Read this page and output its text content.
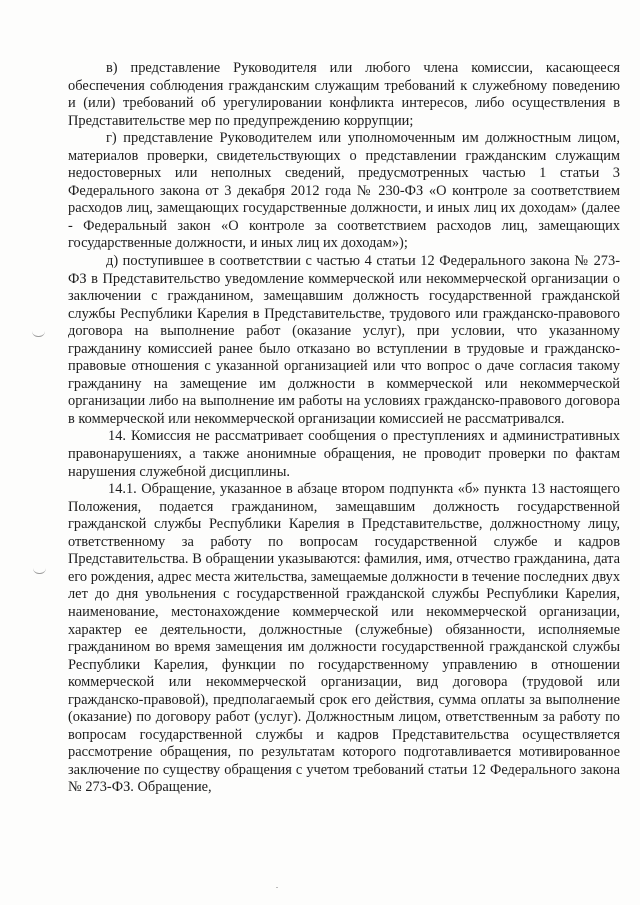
в) представление Руководителя или любого члена комиссии, касающееся обеспечения соблюдения гражданским служащим требований к служебному поведению и (или) требований об урегулировании конфликта интересов, либо осуществления в Представительстве мер по предупреждению коррупции;

г) представление Руководителем или уполномоченным им должностным лицом, материалов проверки, свидетельствующих о представлении гражданским служащим недостоверных или неполных сведений, предусмотренных частью 1 статьи 3 Федерального закона от 3 декабря 2012 года № 230-ФЗ «О контроле за соответствием расходов лиц, замещающих государственные должности, и иных лиц их доходам» (далее - Федеральный закон «О контроле за соответствием расходов лиц, замещающих государственные должности, и иных лиц их доходам»);

д) поступившее в соответствии с частью 4 статьи 12 Федерального закона № 273-ФЗ в Представительство уведомление коммерческой или некоммерческой организации о заключении с гражданином, замещавшим должность государственной гражданской службы Республики Карелия в Представительстве, трудового или гражданско-правового договора на выполнение работ (оказание услуг), при условии, что указанному гражданину комиссией ранее было отказано во вступлении в трудовые и гражданско-правовые отношения с указанной организацией или что вопрос о даче согласия такому гражданину на замещение им должности в коммерческой или некоммерческой организации либо на выполнение им работы на условиях гражданско-правового договора в коммерческой или некоммерческой организации комиссией не рассматривался.

14. Комиссия не рассматривает сообщения о преступлениях и административных правонарушениях, а также анонимные обращения, не проводит проверки по фактам нарушения служебной дисциплины.

14.1. Обращение, указанное в абзаце втором подпункта «б» пункта 13 настоящего Положения, подается гражданином, замещавшим должность государственной гражданской службы Республики Карелия в Представительстве, должностному лицу, ответственному за работу по вопросам государственной службе и кадров Представительства. В обращении указываются: фамилия, имя, отчество гражданина, дата его рождения, адрес места жительства, замещаемые должности в течение последних двух лет до дня увольнения с государственной гражданской службы Республики Карелия, наименование, местонахождение коммерческой или некоммерческой организации, характер ее деятельности, должностные (служебные) обязанности, исполняемые гражданином во время замещения им должности государственной гражданской службы Республики Карелия, функции по государственному управлению в отношении коммерческой или некоммерческой организации, вид договора (трудовой или гражданско-правовой), предполагаемый срок его действия, сумма оплаты за выполнение (оказание) по договору работ (услуг). Должностным лицом, ответственным за работу по вопросам государственной службы и кадров Представительства осуществляется рассмотрение обращения, по результатам которого подготавливается мотивированное заключение по существу обращения с учетом требований статьи 12 Федерального закона № 273-ФЗ. Обращение,
